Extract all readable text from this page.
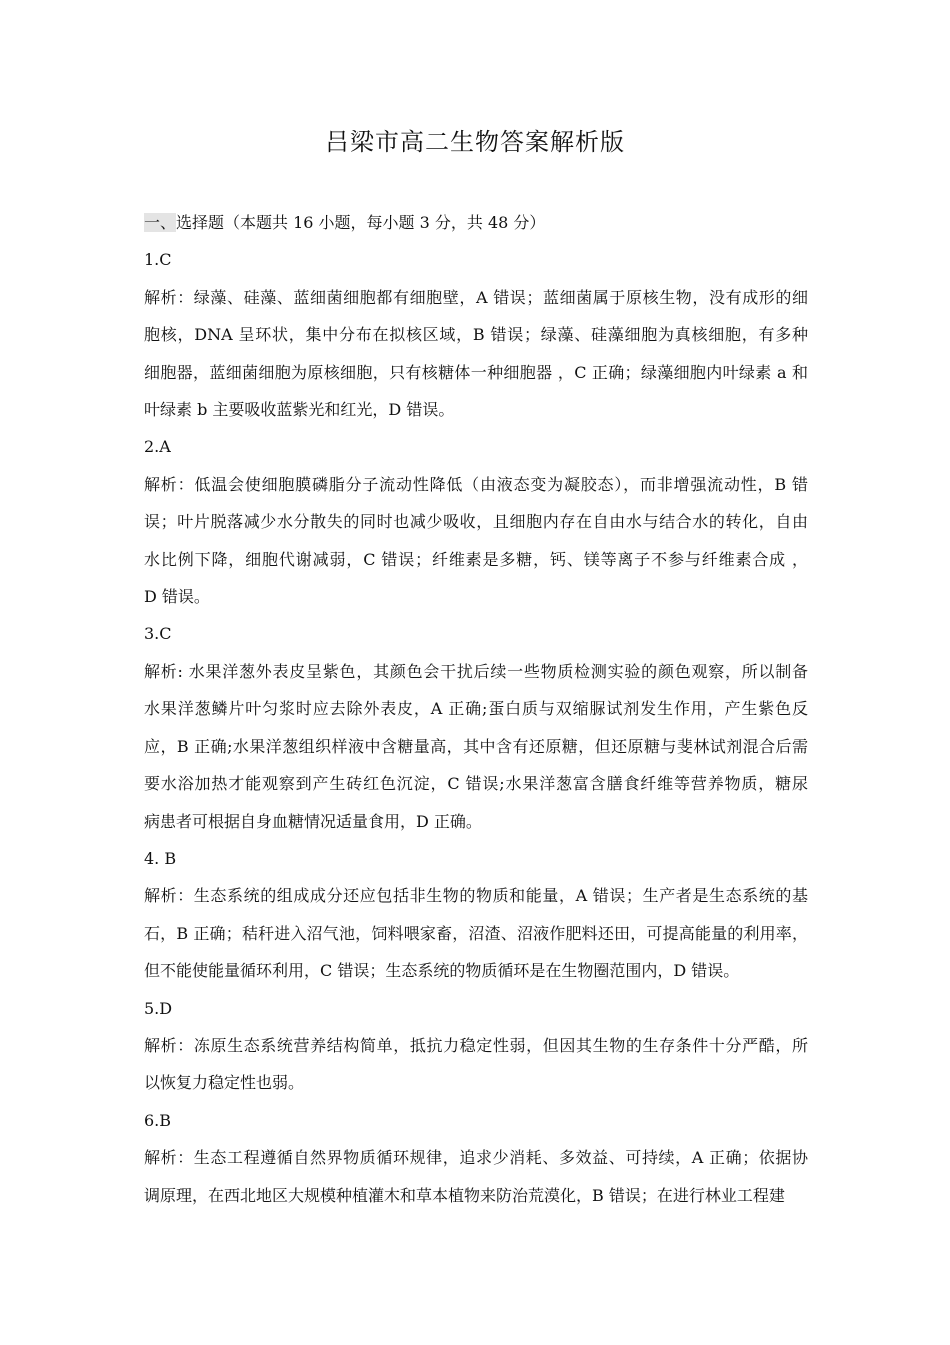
吕梁市高二生物答案解析版
一、选择题（本题共 16 小题，每小题 3 分，共 48 分）
1.C
解析：绿藻、硅藻、蓝细菌细胞都有细胞壁，A 错误；蓝细菌属于原核生物，没有成形的细
胞核，DNA 呈环状，集中分布在拟核区域，B 错误；绿藻、硅藻细胞为真核细胞，有多种
细胞器，蓝细菌细胞为原核细胞，只有核糖体一种细胞器 ，C 正确；绿藻细胞内叶绿素 a 和
叶绿素 b 主要吸收蓝紫光和红光，D 错误。
2.A
解析：低温会使细胞膜磷脂分子流动性降低（由液态变为凝胶态），而非增强流动性，B 错
误；叶片脱落减少水分散失的同时也减少吸收，且细胞内存在自由水与结合水的转化，自由
水比例下降，细胞代谢减弱，C 错误；纤维素是多糖，钙、镁等离子不参与纤维素合成 ，
D 错误。
3.C
解析: 水果洋葱外表皮呈紫色，其颜色会干扰后续一些物质检测实验的颜色观察，所以制备
水果洋葱鳞片叶匀浆时应去除外表皮，A 正确;蛋白质与双缩脲试剂发生作用，产生紫色反
应，B 正确;水果洋葱组织样液中含糖量高，其中含有还原糖，但还原糖与斐林试剂混合后需
要水浴加热才能观察到产生砖红色沉淀，C 错误;水果洋葱富含膳食纤维等营养物质，糖尿
病患者可根据自身血糖情况适量食用，D 正确。
4. B
解析：生态系统的组成成分还应包括非生物的物质和能量，A 错误；生产者是生态系统的基
石，B 正确；秸秆进入沼气池，饲料喂家畜，沼渣、沼液作肥料还田，可提高能量的利用率，
但不能使能量循环利用，C 错误；生态系统的物质循环是在生物圈范围内，D 错误。
5.D
解析：冻原生态系统营养结构简单，抵抗力稳定性弱，但因其生物的生存条件十分严酷，所
以恢复力稳定性也弱。
6.B
解析：生态工程遵循自然界物质循环规律，追求少消耗、多效益、可持续，A 正确；依据协
调原理，在西北地区大规模种植灌木和草本植物来防治荒漠化，B 错误；在进行林业工程建
